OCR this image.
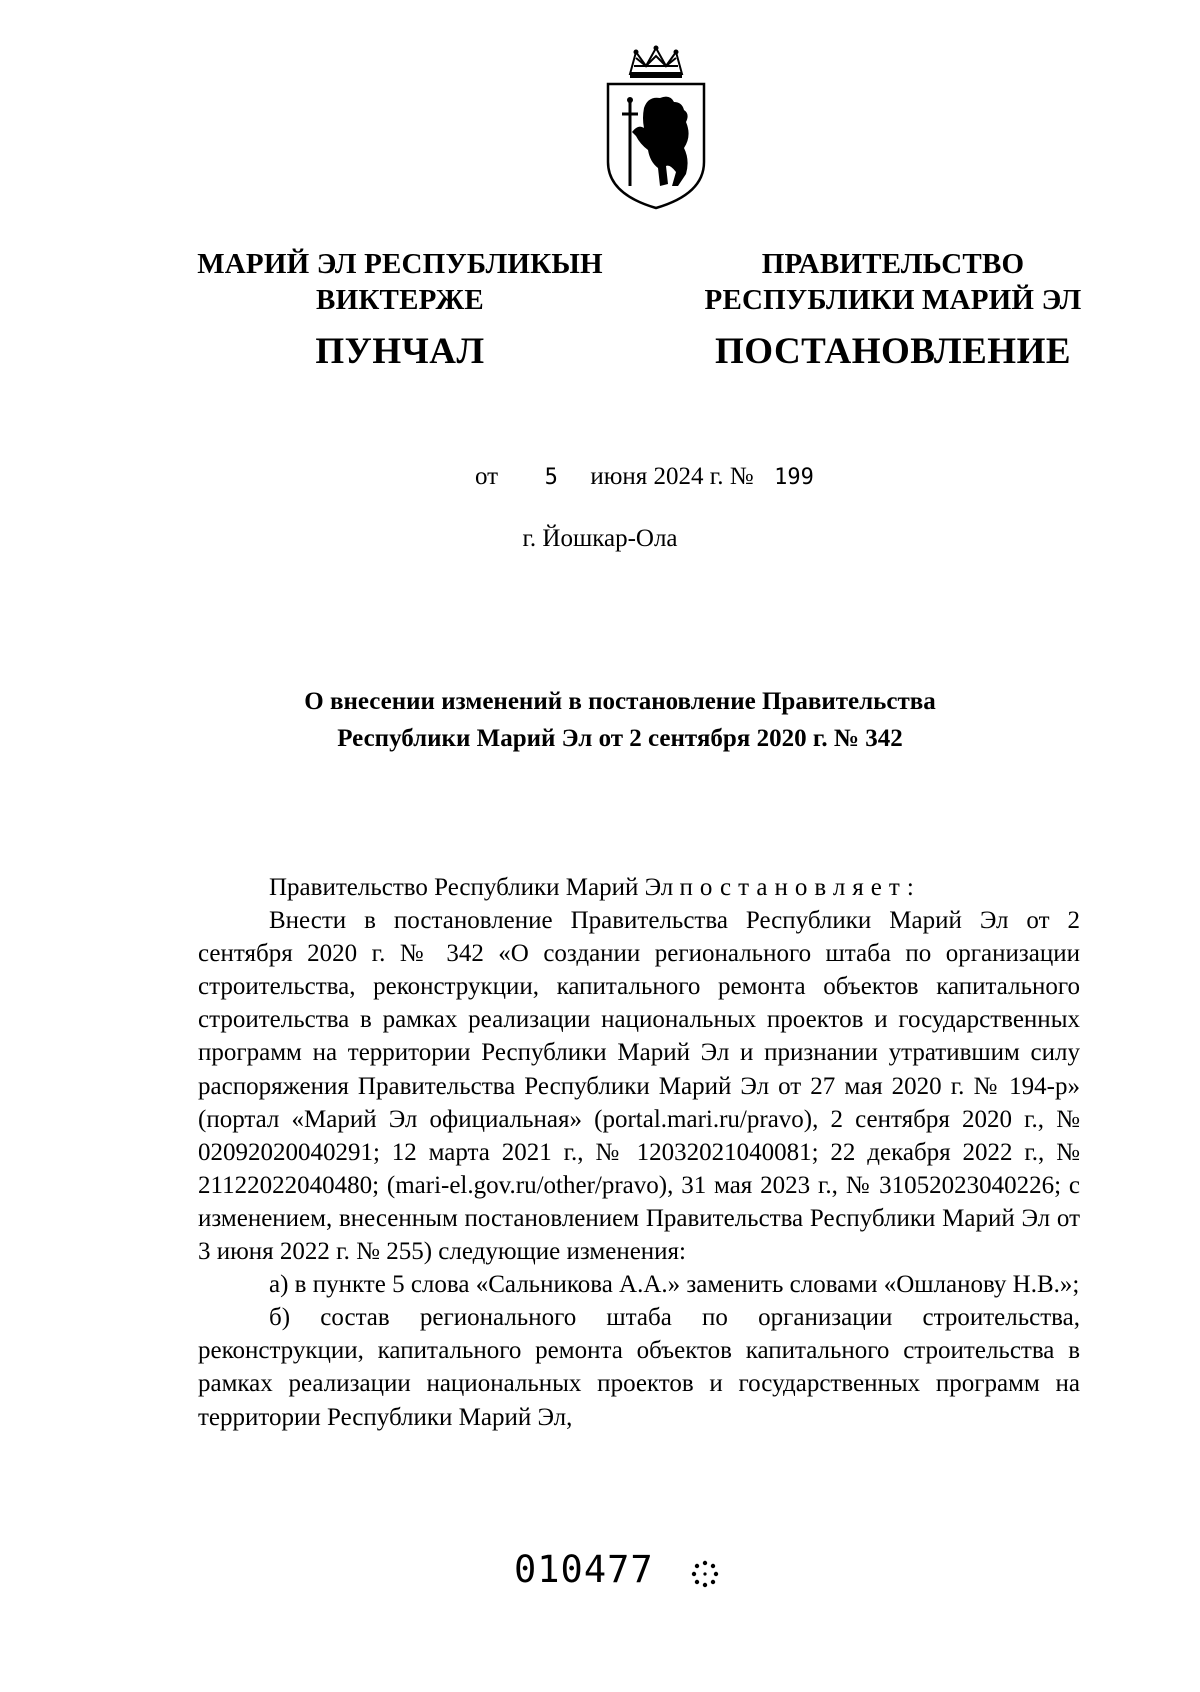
МАРИЙ ЭЛ РЕСПУБЛИКЫН
ВИКТЕРЖЕ
ПУНЧАЛ
ПРАВИТЕЛЬСТВО
РЕСПУБЛИКИ МАРИЙ ЭЛ
ПОСТАНОВЛЕНИЕ
от 5 июня 2024 г. № 199
г. Йошкар-Ола
О внесении изменений в постановление Правительства
Республики Марий Эл от 2 сентября 2020 г. № 342

Правительство Республики Марий Эл постановляет:

Внести в постановление Правительства Республики Марий Эл от 2 сентября 2020 г. № 342 «О создании регионального штаба по организации строительства, реконструкции, капитального ремонта объектов капитального строительства в рамках реализации национальных проектов и государственных программ на территории Республики Марий Эл и признании утратившим силу распоряжения Правительства Республики Марий Эл от 27 мая 2020 г. № 194-р» (портал «Марий Эл официальная» (portal.mari.ru/pravo), 2 сентября 2020 г., № 02092020040291; 12 марта 2021 г., № 12032021040081; 22 декабря 2022 г., № 21122022040480; (mari-el.gov.ru/other/pravo), 31 мая 2023 г., № 31052023040226; с изменением, внесенным постановлением Правительства Республики Марий Эл от 3 июня 2022 г. № 255) следующие изменения:

а) в пункте 5 слова «Сальникова А.А.» заменить словами «Ошланову Н.В.»;

б) состав регионального штаба по организации строительства, реконструкции, капитального ремонта объектов капитального строительства в рамках реализации национальных проектов и государственных программ на территории Республики Марий Эл,

010477
